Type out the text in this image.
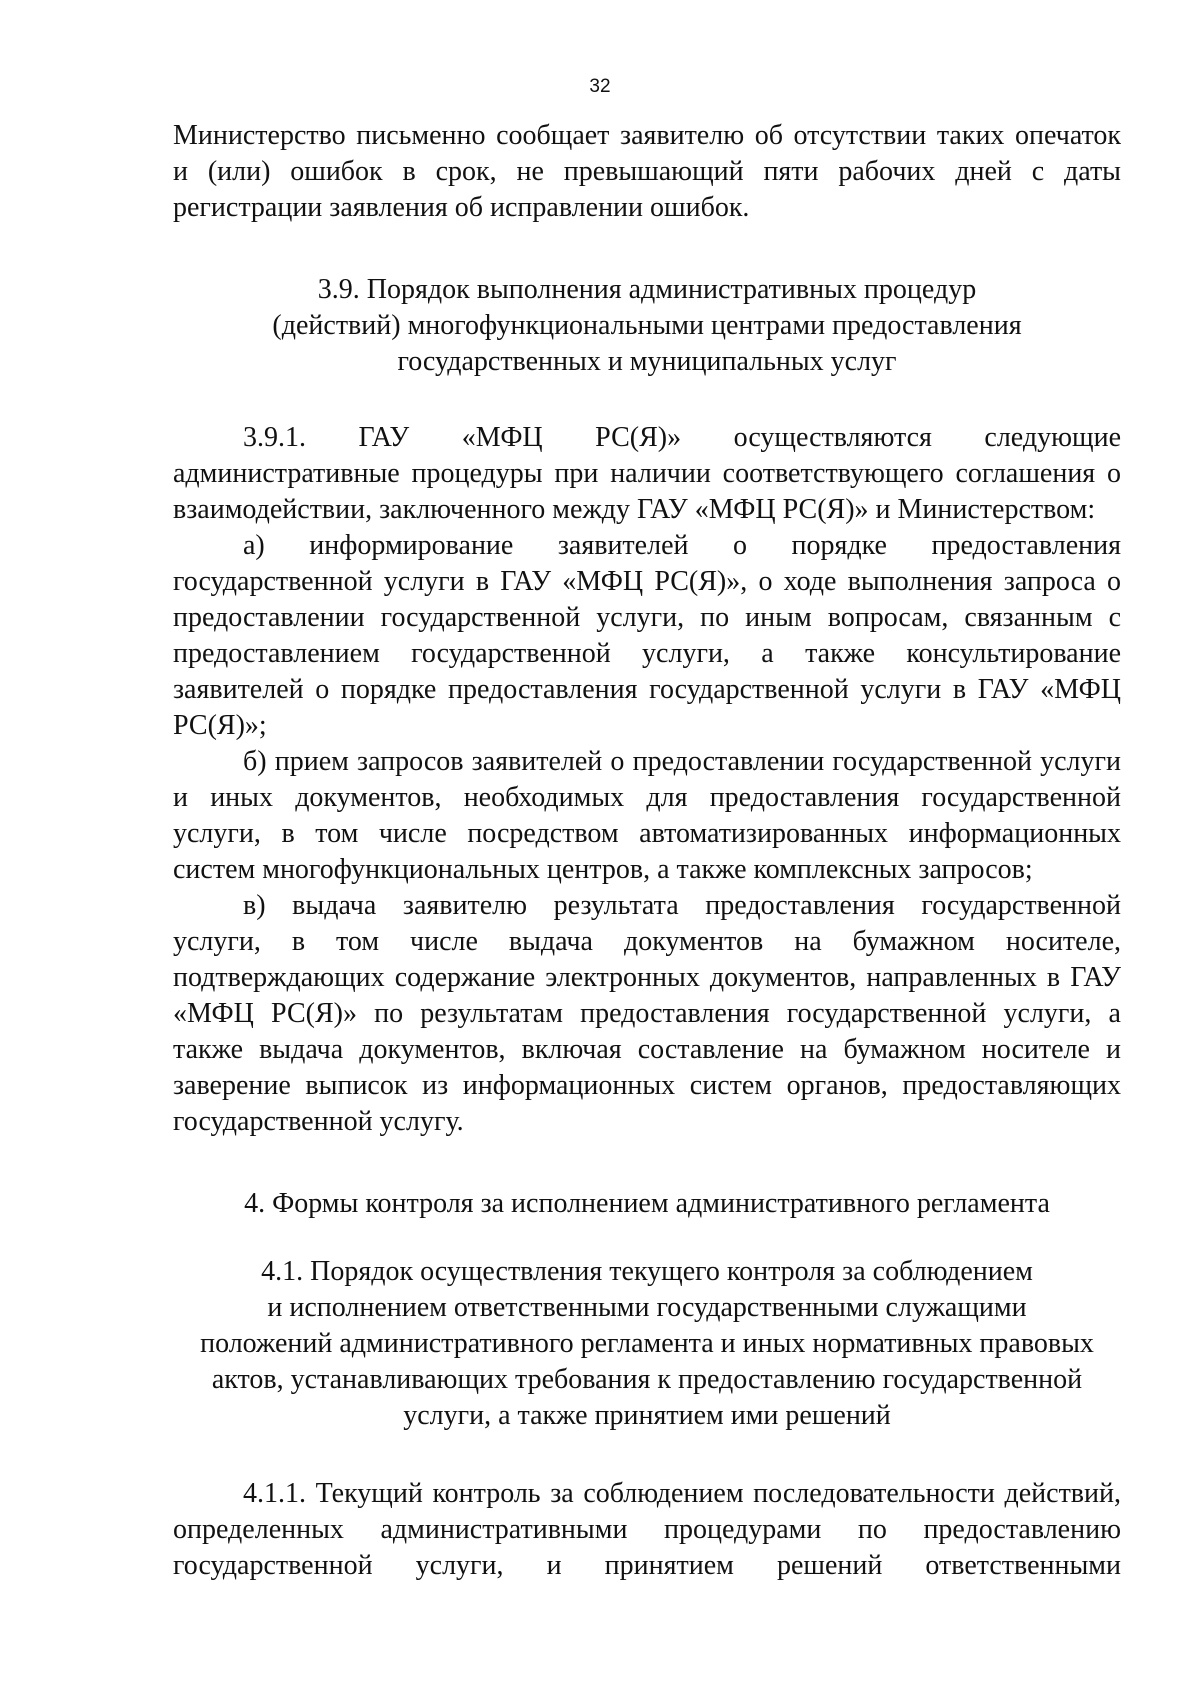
32
Министерство письменно сообщает заявителю об отсутствии таких опечаток
и (или) ошибок в срок, не превышающий пяти рабочих дней с даты
регистрации заявления об исправлении ошибок.
3.9. Порядок выполнения административных процедур
(действий) многофункциональными центрами предоставления
государственных и муниципальных услуг
3.9.1. ГАУ «МФЦ РС(Я)» осуществляются следующие
административные процедуры при наличии соответствующего соглашения о
взаимодействии, заключенного между ГАУ «МФЦ РС(Я)» и Министерством:
а) информирование заявителей о порядке предоставления
государственной услуги в ГАУ «МФЦ РС(Я)», о ходе выполнения запроса о
предоставлении государственной услуги, по иным вопросам, связанным с
предоставлением государственной услуги, а также консультирование
заявителей о порядке предоставления государственной услуги в ГАУ «МФЦ
РС(Я)»;
б) прием запросов заявителей о предоставлении государственной услуги
и иных документов, необходимых для предоставления государственной
услуги, в том числе посредством автоматизированных информационных
систем многофункциональных центров, а также комплексных запросов;
в) выдача заявителю результата предоставления государственной
услуги, в том числе выдача документов на бумажном носителе,
подтверждающих содержание электронных документов, направленных в ГАУ
«МФЦ РС(Я)» по результатам предоставления государственной услуги, а
также выдача документов, включая составление на бумажном носителе и
заверение выписок из информационных систем органов, предоставляющих
государственной услугу.
4. Формы контроля за исполнением административного регламента
4.1. Порядок осуществления текущего контроля за соблюдением
и исполнением ответственными государственными служащими
положений административного регламента и иных нормативных правовых
актов, устанавливающих требования к предоставлению государственной
услуги, а также принятием ими решений
4.1.1. Текущий контроль за соблюдением последовательности действий,
определенных административными процедурами по предоставлению
государственной услуги, и принятием решений ответственными
